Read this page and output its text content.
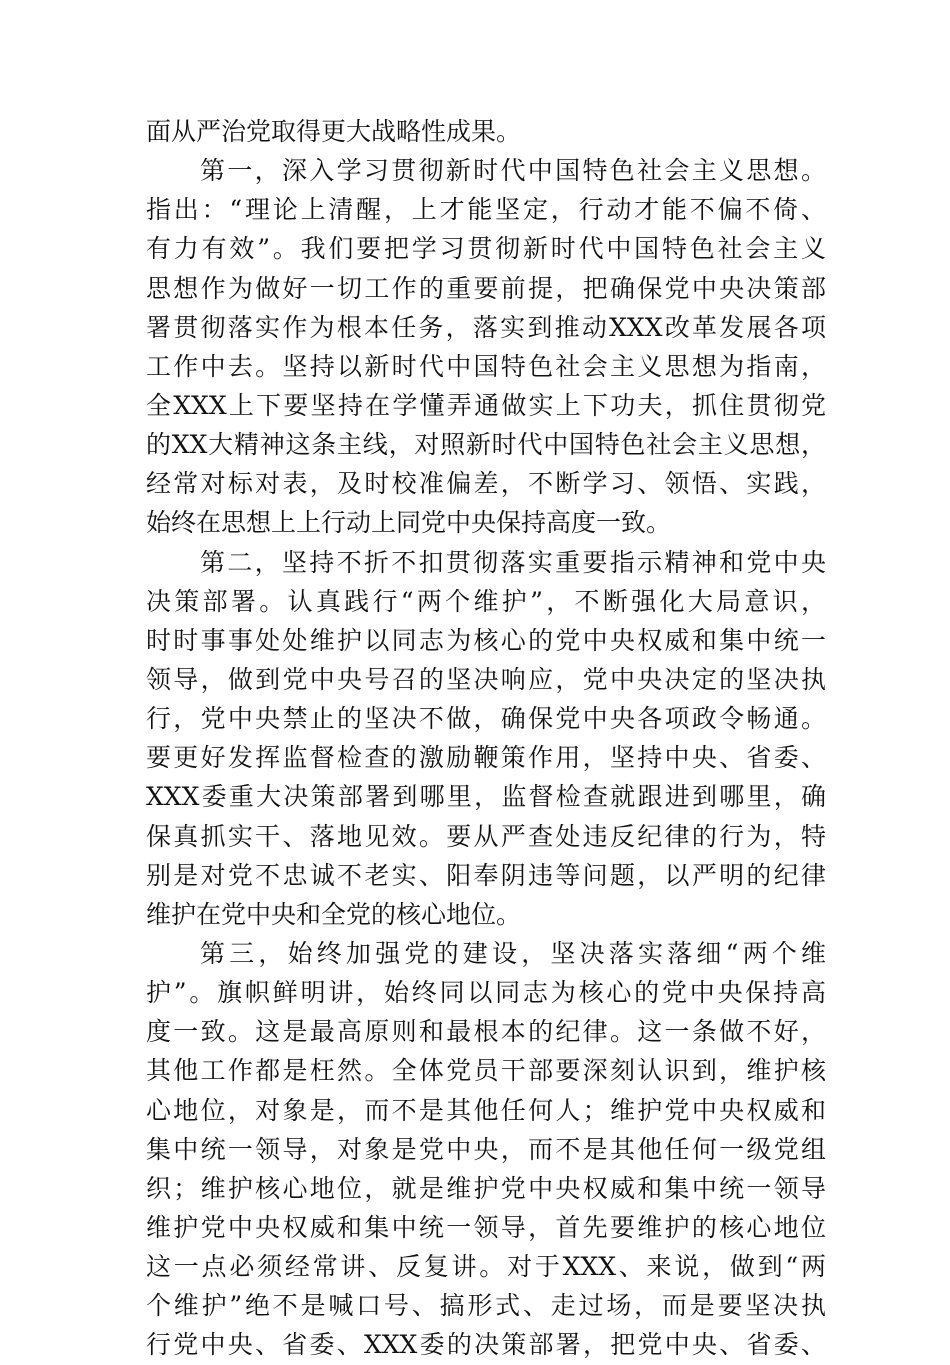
面从严治党取得更大战略性成果。
第一，深入学习贯彻新时代中国特色社会主义思想。
指出：“理论上清醒，上才能坚定，行动才能不偏不倚、
有力有效”。我们要把学习贯彻新时代中国特色社会主义
思想作为做好一切工作的重要前提，把确保党中央决策部
署贯彻落实作为根本任务，落实到推动XXX改革发展各项
工作中去。坚持以新时代中国特色社会主义思想为指南，
全XXX上下要坚持在学懂弄通做实上下功夫，抓住贯彻党
的XX大精神这条主线，对照新时代中国特色社会主义思想，
经常对标对表，及时校准偏差，不断学习、领悟、实践，
始终在思想上上行动上同党中央保持高度一致。
第二，坚持不折不扣贯彻落实重要指示精神和党中央
决策部署。认真践行“两个维护”，不断强化大局意识，
时时事事处处维护以同志为核心的党中央权威和集中统一
领导，做到党中央号召的坚决响应，党中央决定的坚决执
行，党中央禁止的坚决不做，确保党中央各项政令畅通。
要更好发挥监督检查的激励鞭策作用，坚持中央、省委、
XXX委重大决策部署到哪里，监督检查就跟进到哪里，确
保真抓实干、落地见效。要从严查处违反纪律的行为，特
别是对党不忠诚不老实、阳奉阴违等问题，以严明的纪律
维护在党中央和全党的核心地位。
第三，始终加强党的建设，坚决落实落细“两个维
护”。旗帜鲜明讲，始终同以同志为核心的党中央保持高
度一致。这是最高原则和最根本的纪律。这一条做不好，
其他工作都是枉然。全体党员干部要深刻认识到，维护核
心地位，对象是，而不是其他任何人；维护党中央权威和
集中统一领导，对象是党中央，而不是其他任何一级党组
织；维护核心地位，就是维护党中央权威和集中统一领导
维护党中央权威和集中统一领导，首先要维护的核心地位
这一点必须经常讲、反复讲。对于XXX、来说，做到“两
个维护”绝不是喊口号、搞形式、走过场，而是要坚决执
行党中央、省委、XXX委的决策部署，把党中央、省委、
